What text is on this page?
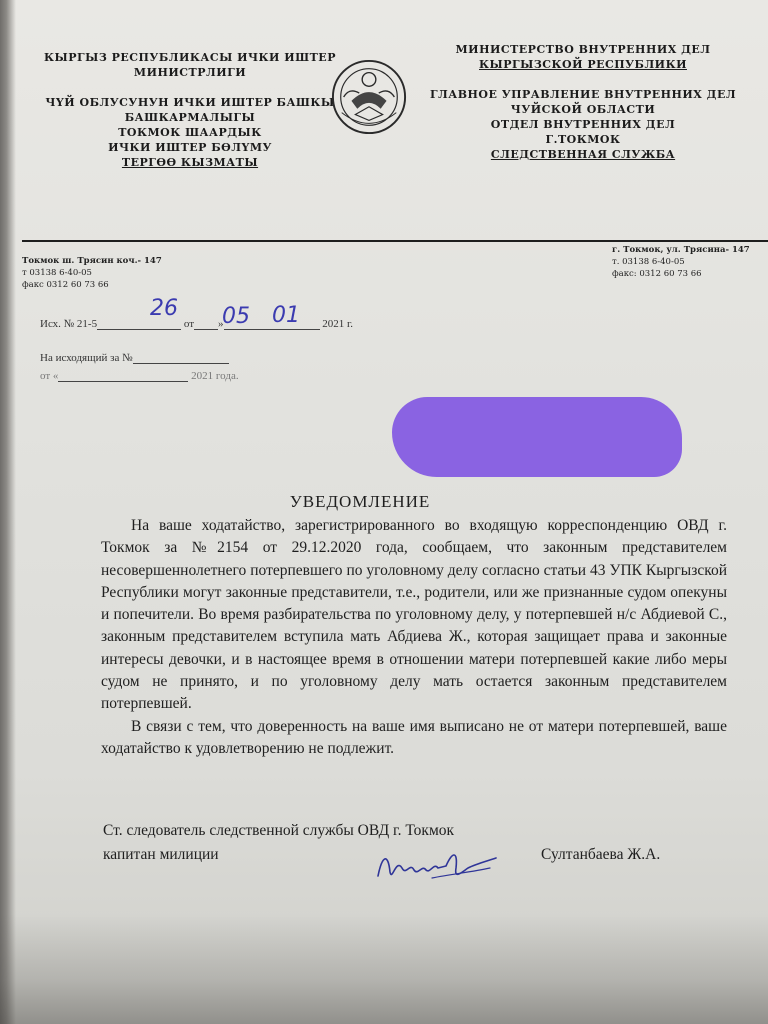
КЫРГЫЗ РЕСПУБЛИКАСЫ ИЧКИ ИШТЕР
МИНИСТРЛИГИ
ЧҮЙ ОБЛУСУНУН ИЧКИ ИШТЕР БАШКЫ
БАШКАРМАЛЫГЫ
ТОКМОК ШААРДЫК
ИЧКИ ИШТЕР БӨЛҮМУ
ТЕРГӨӨ КЫЗМАТЫ
МИНИСТЕРСТВО ВНУТРЕННИХ ДЕЛ
КЫРГЫЗСКОЙ РЕСПУБЛИКИ
ГЛАВНОЕ УПРАВЛЕНИЕ ВНУТРЕННИХ ДЕЛ
ЧУЙСКОЙ ОБЛАСТИ
ОТДЕЛ ВНУТРЕННИХ ДЕЛ
Г.ТОКМОК
СЛЕДСТВЕННАЯ СЛУЖБА
Токмок ш. Трясин коч.- 147
т 03138 6-40-05
факс 0312 60 73 66
г. Токмок, ул. Трясина- 147
т. 03138 6-40-05
факс: 0312 60 73 66
Исх. № 21-5	от »	2021 г.
26 05 01
На исходящий за №
от «	2021 года.
УВЕДОМЛЕНИЕ

На ваше ходатайство, зарегистрированного во входящую корреспонденцию ОВД г. Токмок за №2154 от 29.12.2020 года, сообщаем, что законным представителем несовершеннолетнего потерпевшего по уголовному делу согласно статьи 43 УПК Кыргызской Республики могут законные представители, т.е., родители, или же признанные судом опекуны и попечители. Во время разбирательства по уголовному делу, у потерпевшей н/с Абдиевой С., законным представителем вступила мать Абдиева Ж., которая защищает права и законные интересы девочки, и в настоящее время в отношении матери потерпевшей какие либо меры судом не принято, и по уголовному делу мать остается законным представителем потерпевшей.

В связи с тем, что доверенность на ваше имя выписано не от матери потерпевшей, ваше ходатайство к удовлетворению не подлежит.

Ст. следователь следственной службы ОВД г. Токмок
капитан милиции	Султанбаева Ж.А.
